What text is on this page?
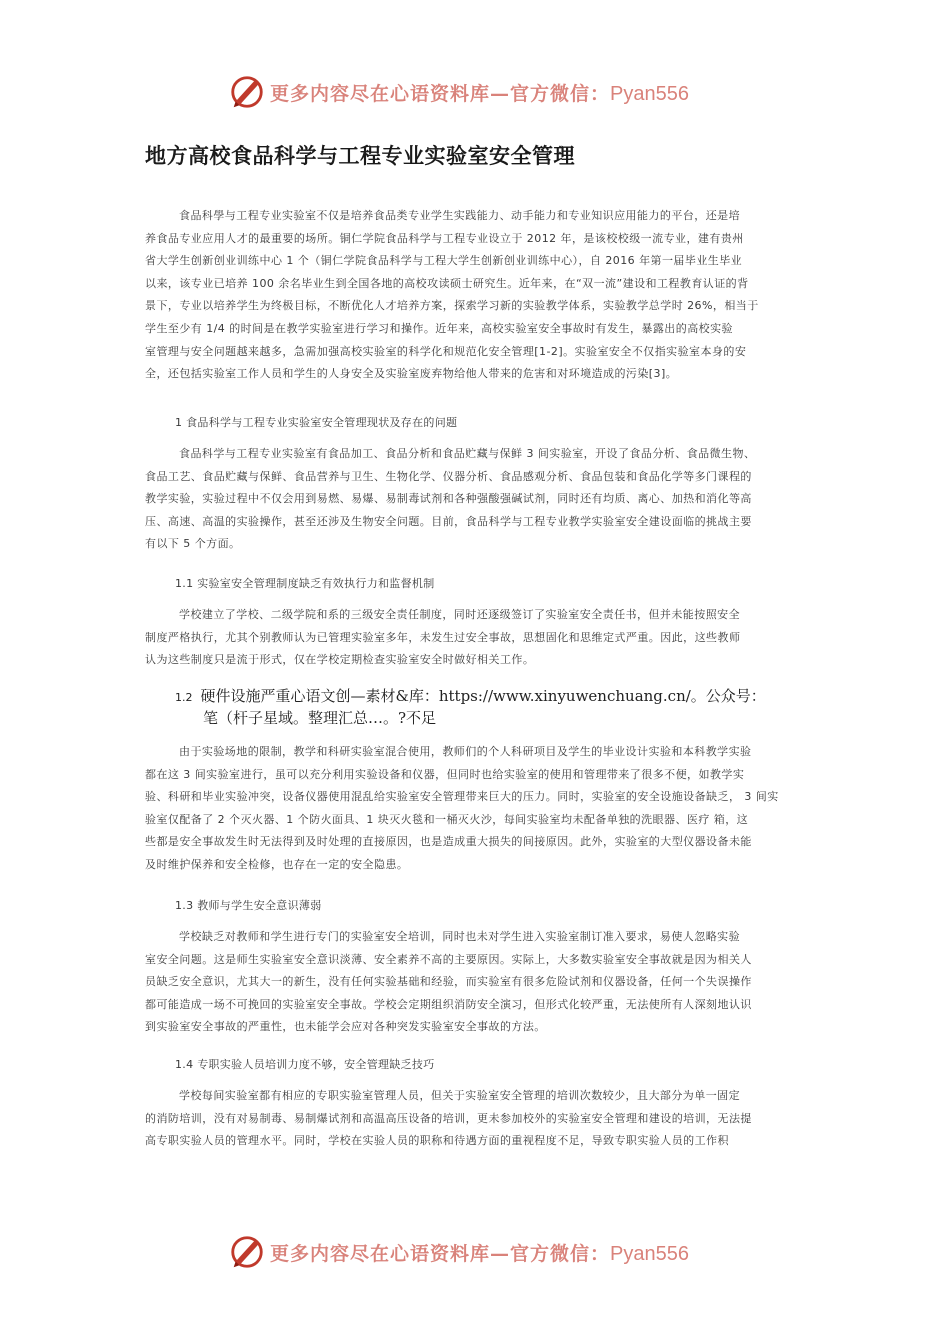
更多内容尽在心语资料库—官方微信：Pyan556
地方高校食品科学与工程专业实验室安全管理
食品科學与工程专业实验室不仅是培养食品类专业学生实践能力、动手能力和专业知识应用能力的平台，还是培
养食品专业应用人才的最重要的场所。铜仁学院食品科学与工程专业设立于 2012 年，是该校校级一流专业，建有贵州
省大学生创新创业训练中心 1 个（铜仁学院食品科学与工程大学生创新创业训练中心），自 2016 年第一届毕业生毕业
以来，该专业已培养 100 余名毕业生到全国各地的高校攻读硕士研究生。近年来，在“双一流”建设和工程教育认证的背
景下，专业以培养学生为终极目标，不断优化人才培养方案，探索学习新的实验教学体系，实验教学总学时 26%，相当于
学生至少有 1/4 的时间是在教学实验室进行学习和操作。近年来，高校实验室安全事故时有发生，暴露出的高校实验
室管理与安全问题越来越多，急需加强高校实验室的科学化和规范化安全管理[1-2]。实验室安全不仅指实验室本身的安
全，还包括实验室工作人员和学生的人身安全及实验室废弃物给他人带来的危害和对环境造成的污染[3]。
1 食品科学与工程专业实验室安全管理现状及存在的问题
食品科学与工程专业实验室有食品加工、食品分析和食品贮藏与保鲜 3 间实验室，开设了食品分析、食品微生物、
食品工艺、食品贮藏与保鲜、食品营养与卫生、生物化学、仪器分析、食品感观分析、食品包装和食品化学等多门课程的
教学实验，实验过程中不仅会用到易燃、易爆、易制毒试剂和各种强酸强碱试剂，同时还有均质、离心、加热和消化等高
压、高速、高温的实验操作，甚至还涉及生物安全问题。目前，食品科学与工程专业教学实验室安全建设面临的挑战主要
有以下 5 个方面。
1.1 实验室安全管理制度缺乏有效执行力和监督机制
学校建立了学校、二级学院和系的三级安全责任制度，同时还逐级签订了实验室安全责任书，但并未能按照安全
制度严格执行，尤其个别教师认为已管理实验室多年，未发生过安全事故，思想固化和思维定式严重。因此，这些教师
认为这些制度只是流于形式，仅在学校定期检查实验室安全时做好相关工作。
1.2 硬件设施严重心语文创—素材&库：https://www.xinyuwenchuang.cn/。公众号：
笔（杆子星域。整理汇总…。?不足
由于实验场地的限制，教学和科研实验室混合使用，教师们的个人科研项目及学生的毕业设计实验和本科教学实验
都在这 3 间实验室进行，虽可以充分利用实验设备和仪器，但同时也给实验室的使用和管理带来了很多不便，如教学实
验、科研和毕业实验冲突，设备仪器使用混乱给实验室安全管理带来巨大的压力。同时，实验室的安全设施设备缺乏， 3 间实
验室仅配备了 2 个灭火器、1 个防火面具、1 块灭火毯和一桶灭火沙，每间实验室均未配备单独的洗眼器、医疗 箱，这
些都是安全事故发生时无法得到及时处理的直接原因，也是造成重大损失的间接原因。此外，实验室的大型仪器设备未能
及时维护保养和安全检修，也存在一定的安全隐患。
1.3 教师与学生安全意识薄弱
学校缺乏对教师和学生进行专门的实验室安全培训，同时也未对学生进入实验室制订准入要求，易使人忽略实验
室安全问题。这是师生实验室安全意识淡薄、安全素养不高的主要原因。实际上，大多数实验室安全事故就是因为相关人
员缺乏安全意识，尤其大一的新生，没有任何实验基础和经验，而实验室有很多危险试剂和仪器设备，任何一个失误操作
都可能造成一场不可挽回的实验室安全事故。学校会定期组织消防安全演习，但形式化较严重，无法使所有人深刻地认识
到实验室安全事故的严重性，也未能学会应对各种突发实验室安全事故的方法。
1.4 专职实验人员培训力度不够，安全管理缺乏技巧
学校每间实验室都有相应的专职实验室管理人员，但关于实验室安全管理的培训次数较少，且大部分为单一固定
的消防培训，没有对易制毒、易制爆试剂和高温高压设备的培训，更未参加校外的实验室安全管理和建设的培训，无法提
高专职实验人员的管理水平。同时，学校在实验人员的职称和待遇方面的重视程度不足，导致专职实验人员的工作积
更多内容尽在心语资料库—官方微信：Pyan556
